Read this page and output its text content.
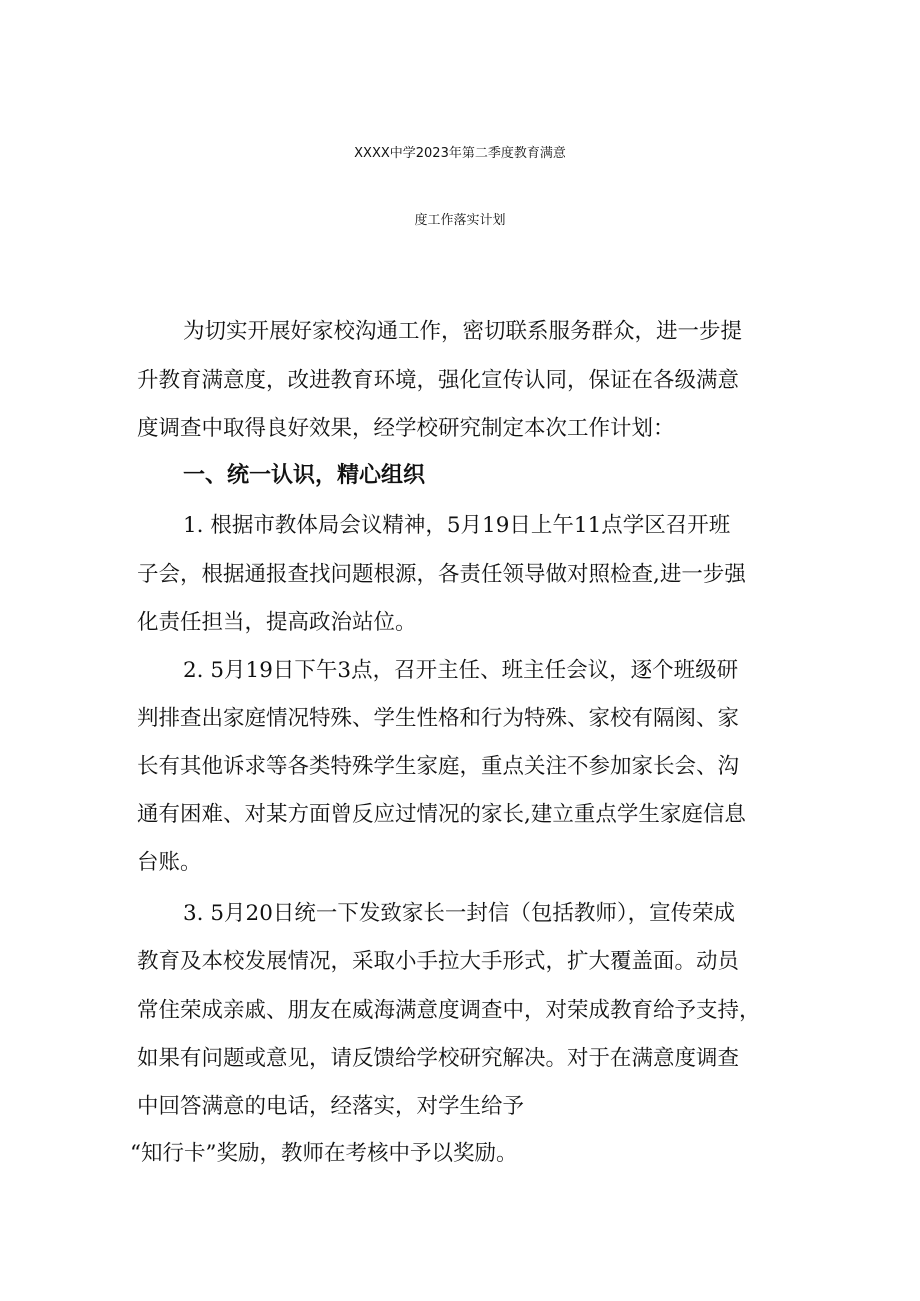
XXXX中学2023年第二季度教育满意
度工作落实计划
为切实开展好家校沟通工作，密切联系服务群众，进一步提
升教育满意度，改进教育环境，强化宣传认同，保证在各级满意
度调查中取得良好效果，经学校研究制定本次工作计划：
一、统一认识，精心组织
1. 根据市教体局会议精神，5月19日上午11点学区召开班
子会，根据通报查找问题根源，各责任领导做对照检查,进一步强
化责任担当，提高政治站位。
2. 5月19日下午3点，召开主任、班主任会议，逐个班级研
判排查出家庭情况特殊、学生性格和行为特殊、家校有隔阂、家
长有其他诉求等各类特殊学生家庭，重点关注不参加家长会、沟
通有困难、对某方面曾反应过情况的家长,建立重点学生家庭信息
台账。
3. 5月20日统一下发致家长一封信（包括教师），宣传荣成
教育及本校发展情况，采取小手拉大手形式，扩大覆盖面。动员
常住荣成亲戚、朋友在威海满意度调查中，对荣成教育给予支持，
如果有问题或意见，请反馈给学校研究解决。对于在满意度调查
中回答满意的电话，经落实，对学生给予
“知行卡”奖励，教师在考核中予以奖励。
